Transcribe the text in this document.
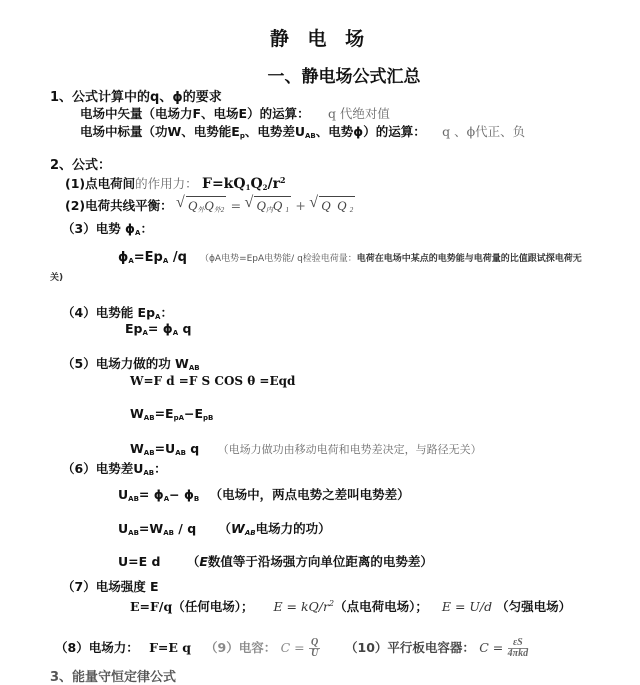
静 电 场
一、静电场公式汇总
1、公式计算中的q、ϕ的要求
电场中矢量（电场力F、电场E）的运算： q 代绝对值
电场中标量（功W、电势能$E_p$、电势差$U_{AB}$、电势ϕ）的运算： q 、ϕ代正、负
2、公式：
(1)点电荷间的作用力： $F=kQ_1Q_2/r^2$
(2)电荷共线平衡： √ $Q_外Q_{外2}$ = √ $Q_内Q$ $_1$ + √ Q Q $_2$
（3）电势 $\phi_A$：
$\phi_A=Ep_A$ /q （ϕA电势=EpA电势能/ q检验电荷量：电荷在电场中某点的电势能与电荷量的比值跟试探电荷无
关)
（4）电势能 $Ep_A$：
$Ep_A= \phi_A$ q
（5）电场力做的功 $W_{AB}$
W=F d =F S COS θ =Eqd
$W_{AB}=E_{pA}-E_{pB}$
$W_{AB}=U_{AB}$ q （电场力做功由移动电荷和电势差决定，与路径无关）
（6）电势差$U_{AB}$：
$U_{AB}= \phi_A- \phi_B$ （电场中，两点电势之差叫电势差）
$U_{AB}=W_{AB} / q$ （$W_{AB}$电场力的功）
U=E d （E数值等于沿场强方向单位距离的电势差）
（7）电场强度 E
E=F/q（任何电场）； $E = kQ/r^2$（点电荷电场）； E = U/d （匀强电场）
（8）电场力： F=E q （9）电容： $C = \frac{Q}{U} (10)$平行板电容器： $C = \frac{\varepsilon S}{\text{4πkd}}$
3、能量守恒定律公式
